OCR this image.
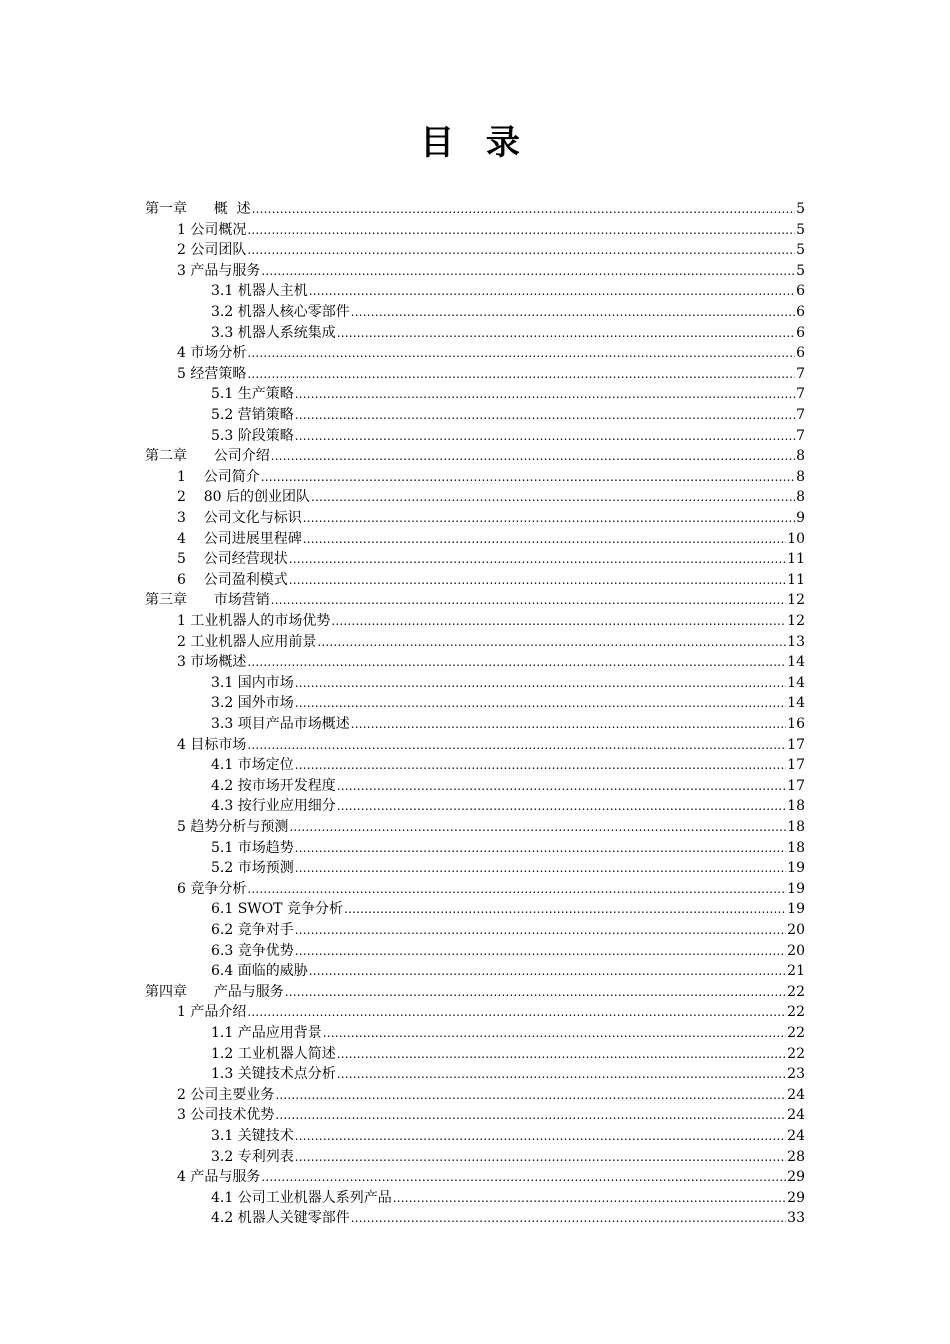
目 录
第一章      概  述 .....	5
1 公司概况 .....	5
2 公司团队 .....	5
3 产品与服务 .....	5
3.1 机器人主机 .....	6
3.2 机器人核心零部件 .....	6
3.3 机器人系统集成 .....	6
4 市场分析 .....	6
5 经营策略 .....	7
5.1 生产策略 .....	7
5.2 营销策略 .....	7
5.3 阶段策略 .....	7
第二章      公司介绍 .....	8
1    公司简介 .....	8
2    80 后的创业团队 .....	8
3    公司文化与标识 .....	9
4    公司进展里程碑 .....	10
5    公司经营现状 .....	11
6    公司盈利模式 .....	11
第三章      市场营销 .....	12
1 工业机器人的市场优势 .....	12
2 工业机器人应用前景 .....	13
3 市场概述 .....	14
3.1 国内市场 .....	14
3.2 国外市场 .....	14
3.3 项目产品市场概述 .....	16
4 目标市场 .....	17
4.1 市场定位 .....	17
4.2 按市场开发程度 .....	17
4.3 按行业应用细分 .....	18
5 趋势分析与预测 .....	18
5.1 市场趋势 .....	18
5.2 市场预测 .....	19
6 竞争分析 .....	19
6.1 SWOT 竞争分析 .....	19
6.2 竞争对手 .....	20
6.3 竞争优势 .....	20
6.4 面临的威胁 .....	21
第四章      产品与服务 .....	22
1 产品介绍 .....	22
1.1 产品应用背景 .....	22
1.2 工业机器人简述 .....	22
1.3 关键技术点分析 .....	23
2 公司主要业务 .....	24
3 公司技术优势 .....	24
3.1 关键技术 .....	24
3.2 专利列表 .....	28
4 产品与服务 .....	29
4.1 公司工业机器人系列产品 .....	29
4.2 机器人关键零部件 .....	33
